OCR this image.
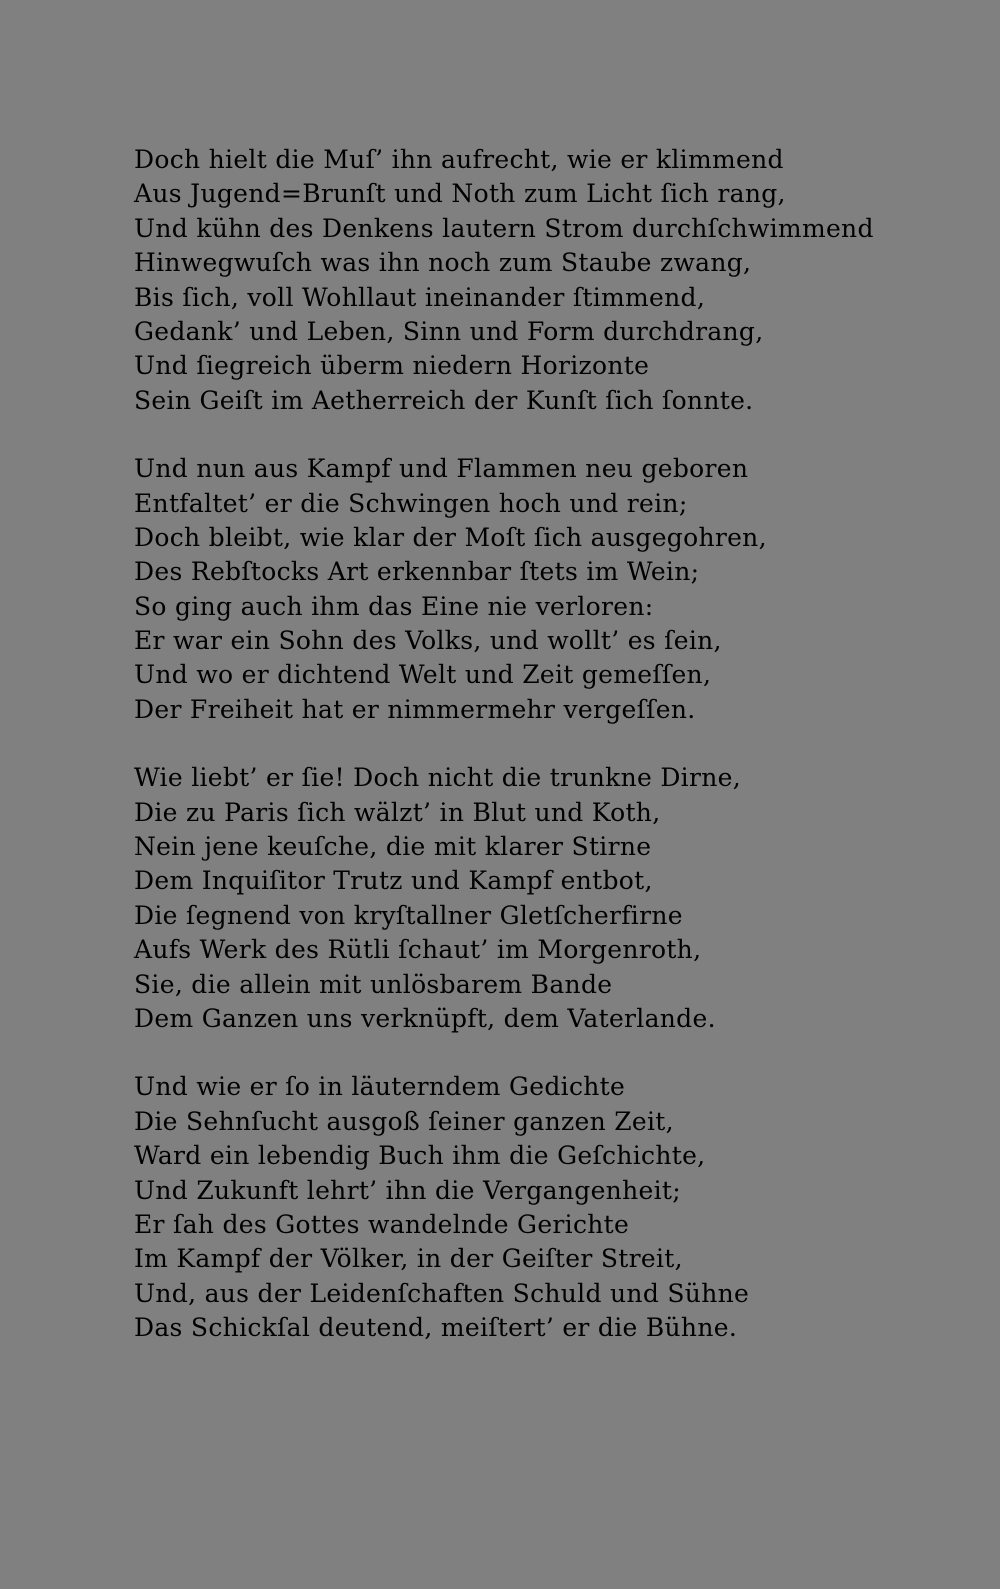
Doch hielt die Muſ’ ihn aufrecht, wie er klimmend
Aus Jugend=Brunſt und Noth zum Licht ſich rang,
Und kühn des Denkens lautern Strom durchſchwimmend
Hinwegwuſch was ihn noch zum Staube zwang,
Bis ſich, voll Wohllaut ineinander ſtimmend,
Gedank’ und Leben, Sinn und Form durchdrang,
Und ſiegreich überm niedern Horizonte
Sein Geiſt im Aetherreich der Kunſt ſich ſonnte.
Und nun aus Kampf und Flammen neu geboren
Entfaltet’ er die Schwingen hoch und rein;
Doch bleibt, wie klar der Moſt ſich ausgegohren,
Des Rebſtocks Art erkennbar ſtets im Wein;
So ging auch ihm das Eine nie verloren:
Er war ein Sohn des Volks, und wollt’ es ſein,
Und wo er dichtend Welt und Zeit gemeſſen,
Der Freiheit hat er nimmermehr vergeſſen.
Wie liebt’ er ſie! Doch nicht die trunkne Dirne,
Die zu Paris ſich wälzt’ in Blut und Koth,
Nein jene keuſche, die mit klarer Stirne
Dem Inquiſitor Trutz und Kampf entbot,
Die ſegnend von kryſtallner Gletſcherfirne
Aufs Werk des Rütli ſchaut’ im Morgenroth,
Sie, die allein mit unlösbarem Bande
Dem Ganzen uns verknüpft, dem Vaterlande.
Und wie er ſo in läuterndem Gedichte
Die Sehnſucht ausgoß ſeiner ganzen Zeit,
Ward ein lebendig Buch ihm die Geſchichte,
Und Zukunft lehrt’ ihn die Vergangenheit;
Er ſah des Gottes wandelnde Gerichte
Im Kampf der Völker, in der Geiſter Streit,
Und, aus der Leidenſchaften Schuld und Sühne
Das Schickſal deutend, meiſtert’ er die Bühne.
